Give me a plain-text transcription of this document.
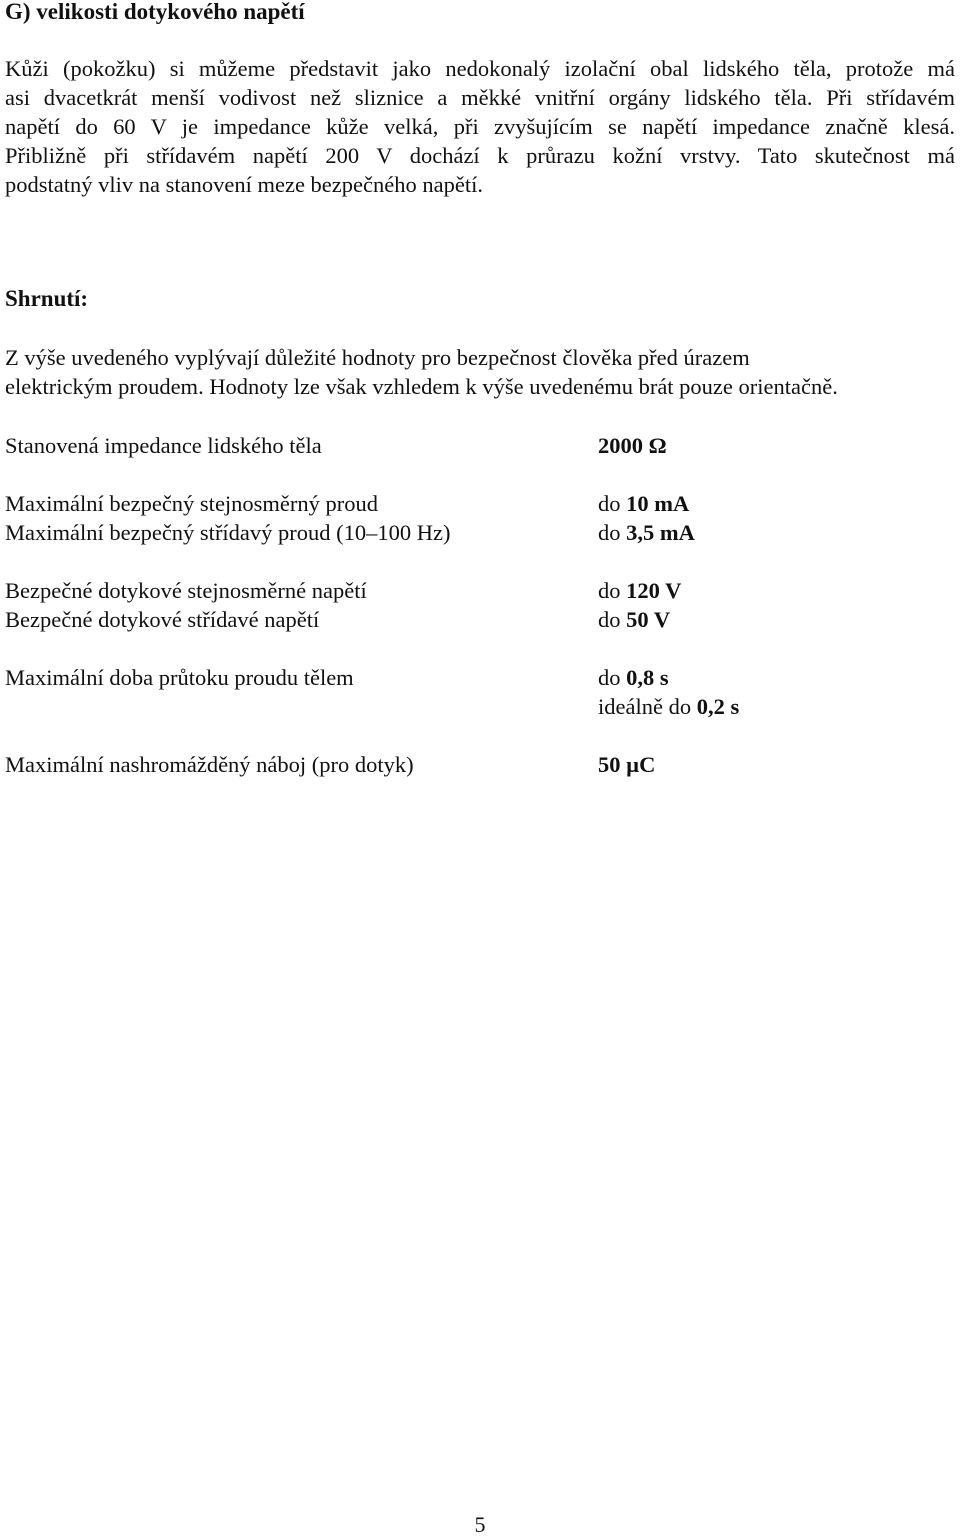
G) velikosti dotykového napětí

Kůži (pokožku) si můžeme představit jako nedokonalý izolační obal lidského těla, protože má
asi dvacetkrát menší vodivost než sliznice a měkké vnitřní orgány lidského těla. Při střídavém
napětí do 60 V je impedance kůže velká, při zvyšujícím se napětí impedance značně klesá.
Přibližně při střídavém napětí 200 V dochází k průrazu kožní vrstvy. Tato skutečnost má
podstatný vliv na stanovení meze bezpečného napětí.

Shrnutí:

Z výše uvedeného vyplývají důležité hodnoty pro bezpečnost člověka před úrazem
elektrickým proudem. Hodnoty lze však vzhledem k výše uvedenému brát pouze orientačně.

Stanovená impedance lidského těla	2000 Ω
Maximální bezpečný stejnosměrný proud	do 10 mA
Maximální bezpečný střídavý proud (10–100 Hz)	do 3,5 mA
Bezpečné dotykové stejnosměrné napětí	do 120 V
Bezpečné dotykové střídavé napětí	do 50 V
Maximální doba průtoku proudu tělem	do 0,8 s
ideálně do 0,2 s
Maximální nashromážděný náboj (pro dotyk)	50 µC
5
